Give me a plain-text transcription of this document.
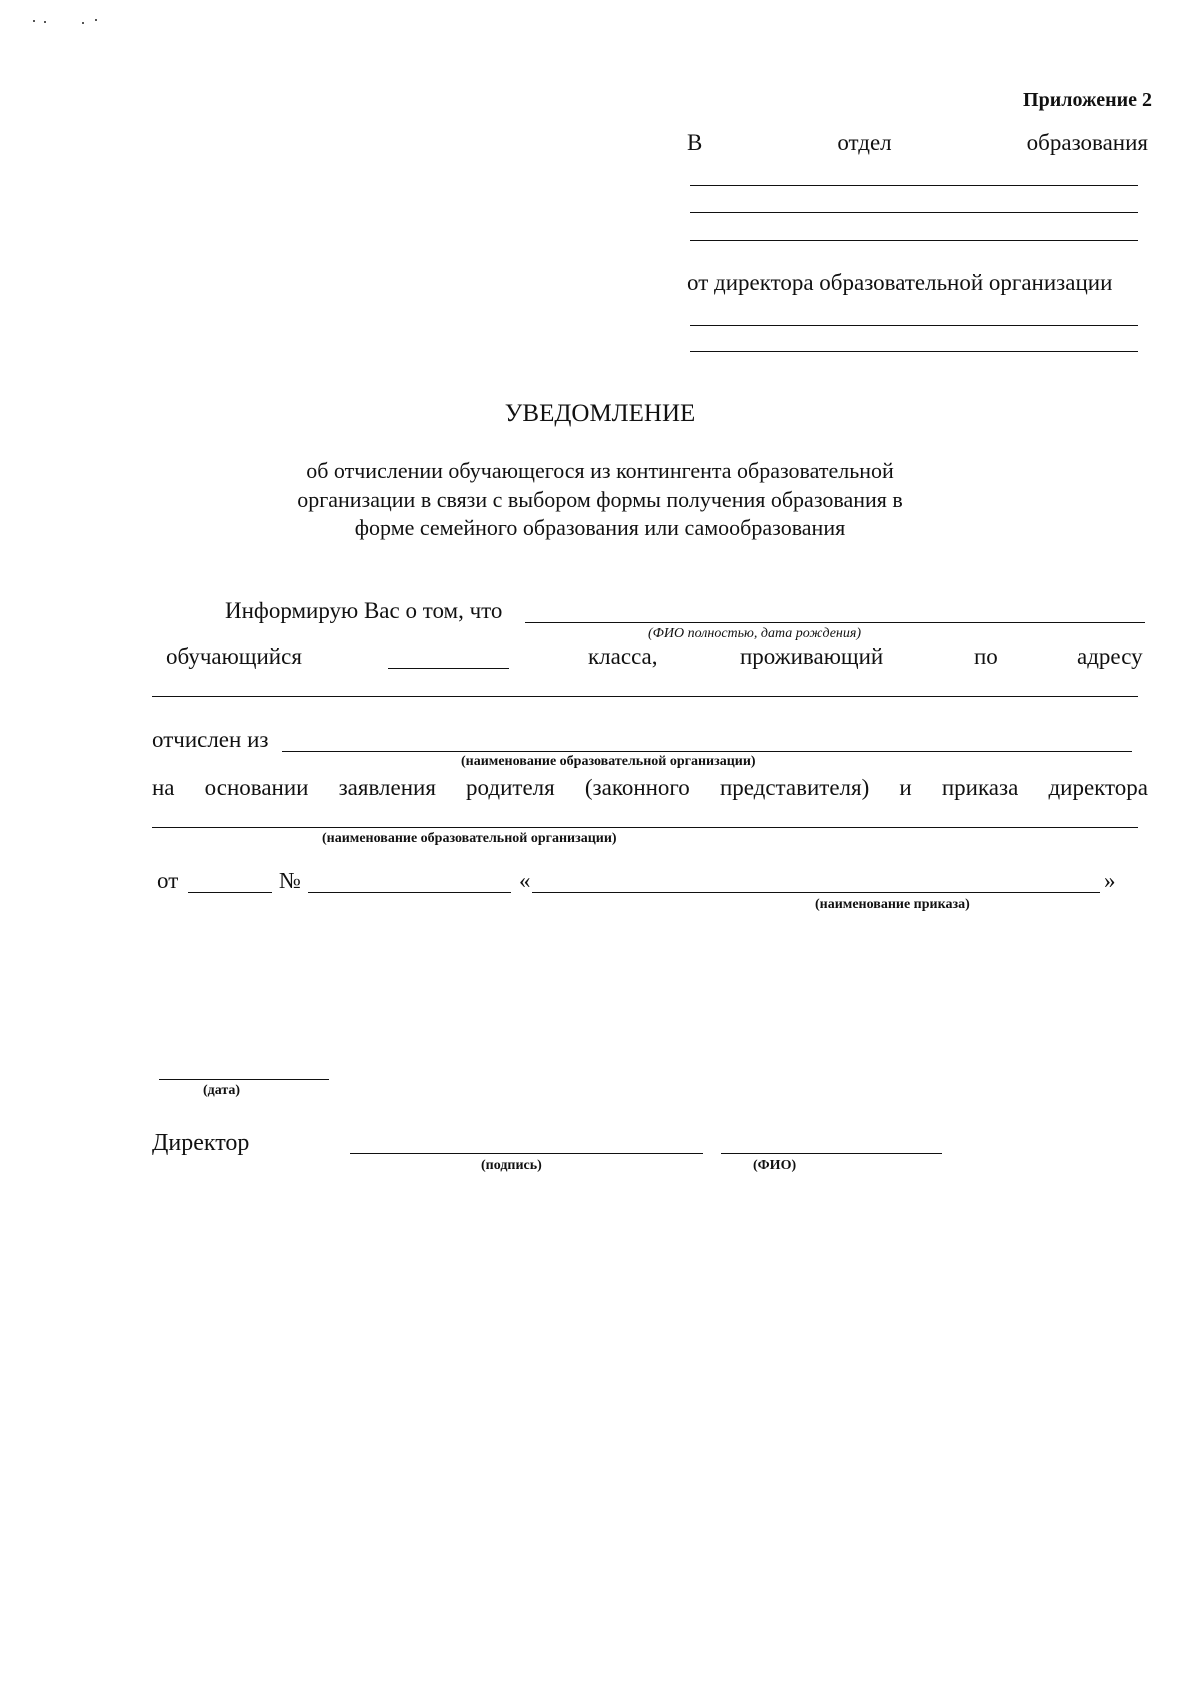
Приложение 2
В	отдел	образования
от директора образовательной организации
УВЕДОМЛЕНИЕ
об отчислении обучающегося из контингента образовательной
организации в связи с выбором формы получения образования в
форме семейного образования или самообразования
Информирую Вас о том, что
(ФИО полностью, дата рождения)
обучающийся	класса,	проживающий	по	адресу
отчислен из
(наименование образовательной организации)
на основании заявления родителя (законного представителя) и приказа директора
(наименование образовательной организации)
от	№	«	»
(наименование приказа)
(дата)
Директор
(подпись)	(ФИО)
